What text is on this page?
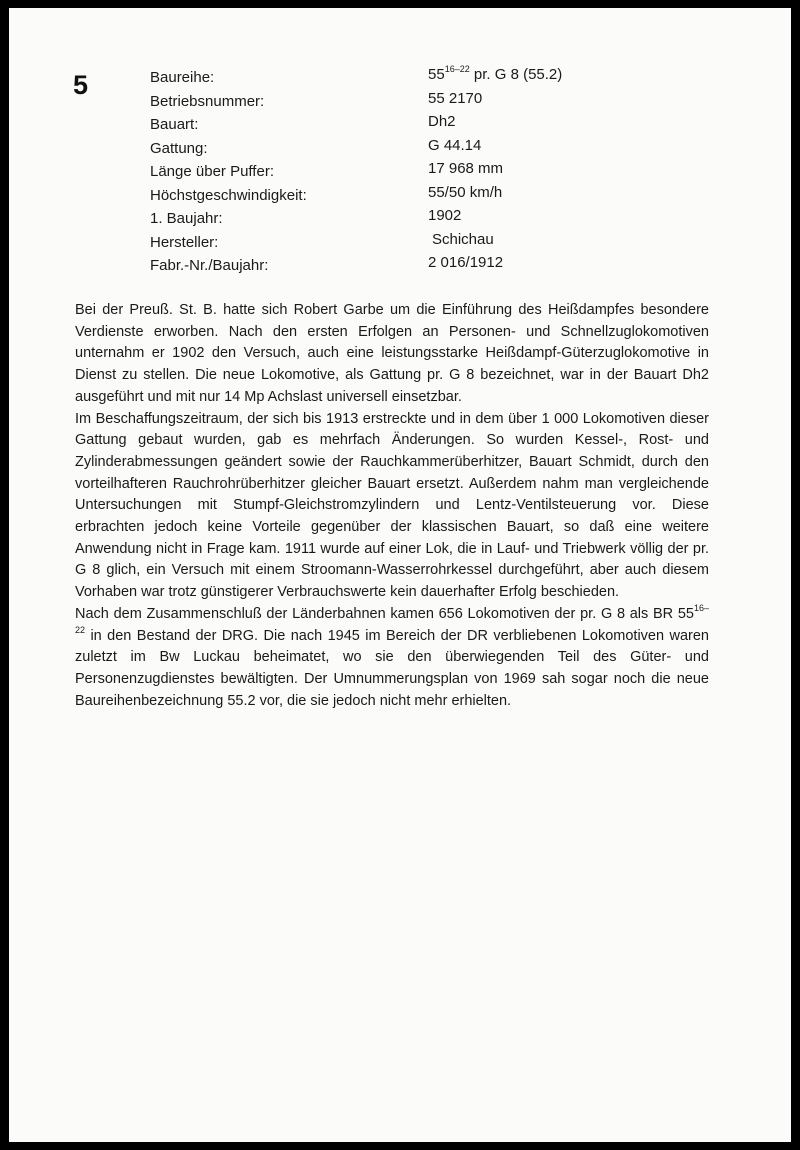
5	Baureihe:	55$^{16-22}$ pr. G 8 (55.2)
Betriebsnummer:	55 2170
Bauart:	Dh2
Gattung:	G 44.14
Länge über Puffer:	17 968 mm
Höchstgeschwindigkeit:	55/50 km/h
1. Baujahr:	1902
Hersteller:	Schichau
Fabr.-Nr./Baujahr:	2 016/1912

Bei der Preuß. St. B. hatte sich Robert Garbe um die Einführung des Heißdampfes besondere Verdienste erworben. Nach den ersten Erfolgen an Personen- und Schnellzuglokomotiven unternahm er 1902 den Versuch, auch eine leistungsstarke Heißdampf-Güterzuglokomotive in Dienst zu stellen. Die neue Lokomotive, als Gattung pr. G 8 bezeichnet, war in der Bauart Dh2 ausgeführt und mit nur 14 Mp Achslast universell einsetzbar.

Im Beschaffungszeitraum, der sich bis 1913 erstreckte und in dem über 1 000 Lokomotiven dieser Gattung gebaut wurden, gab es mehrfach Änderungen. So wurden Kessel-, Rost- und Zylinderabmessungen geändert sowie der Rauchkammerüberhitzer, Bauart Schmidt, durch den vorteilhafteren Rauchrohrüberhitzer gleicher Bauart ersetzt. Außerdem nahm man vergleichende Untersuchungen mit Stumpf-Gleichstromzylindern und Lentz-Ventilsteuerung vor. Diese erbrachten jedoch keine Vorteile gegenüber der klassischen Bauart, so daß eine weitere Anwendung nicht in Frage kam. 1911 wurde auf einer Lok, die in Lauf- und Triebwerk völlig der pr. G 8 glich, ein Versuch mit einem Stroomann-Wasserrohrkessel durchgeführt, aber auch diesem Vorhaben war trotz günstigerer Verbrauchswerte kein dauerhafter Erfolg beschieden.

Nach dem Zusammenschluß der Länderbahnen kamen 656 Lokomotiven der pr. G 8 als BR 55$^{16-22}$ in den Bestand der DRG. Die nach 1945 im Bereich der DR verbliebenen Lokomotiven waren zuletzt im Bw Luckau beheimatet, wo sie den überwiegenden Teil des Güter- und Personenzugdienstes bewältigten. Der Umnummerungsplan von 1969 sah sogar noch die neue Baureihenbezeichnung 55.2 vor, die sie jedoch nicht mehr erhielten.
